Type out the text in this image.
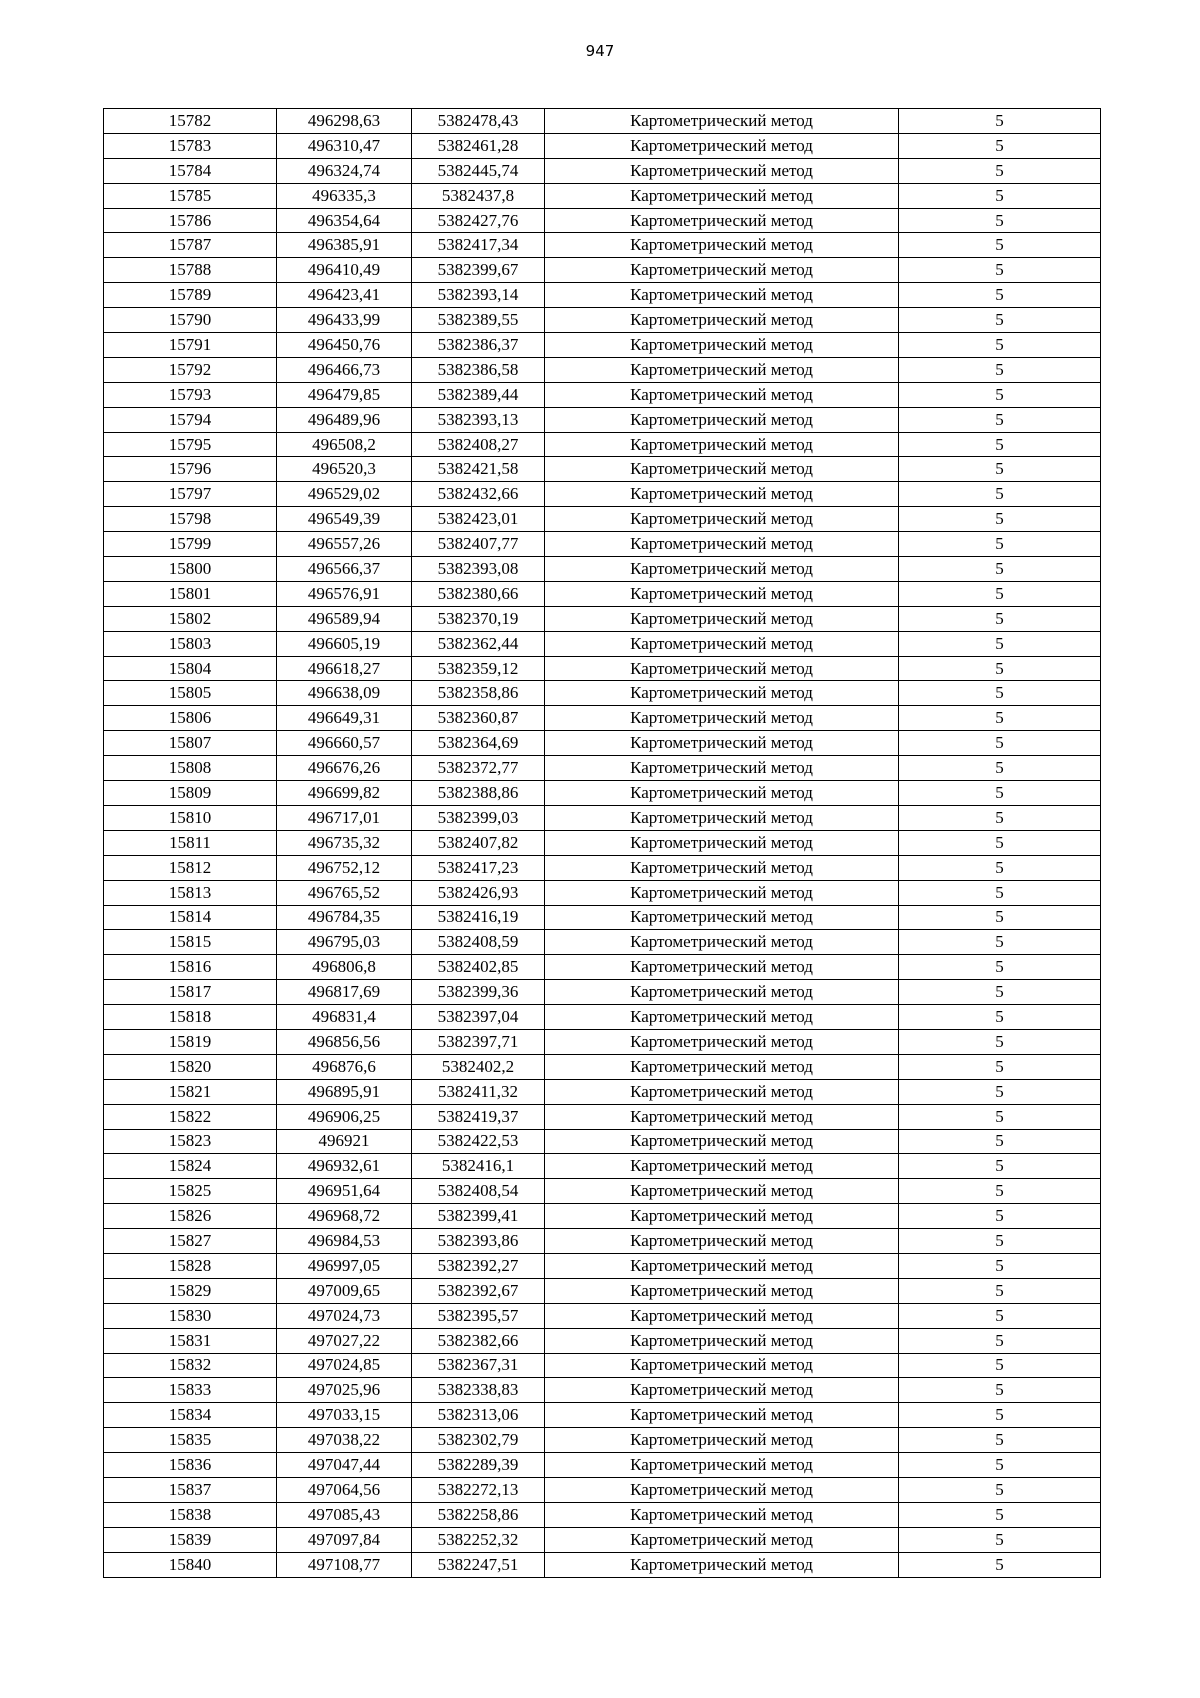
947
15782	496298,63	5382478,43	Картометрический метод	5
15783	496310,47	5382461,28	Картометрический метод	5
15784	496324,74	5382445,74	Картометрический метод	5
15785	496335,3	5382437,8	Картометрический метод	5
15786	496354,64	5382427,76	Картометрический метод	5
15787	496385,91	5382417,34	Картометрический метод	5
15788	496410,49	5382399,67	Картометрический метод	5
15789	496423,41	5382393,14	Картометрический метод	5
15790	496433,99	5382389,55	Картометрический метод	5
15791	496450,76	5382386,37	Картометрический метод	5
15792	496466,73	5382386,58	Картометрический метод	5
15793	496479,85	5382389,44	Картометрический метод	5
15794	496489,96	5382393,13	Картометрический метод	5
15795	496508,2	5382408,27	Картометрический метод	5
15796	496520,3	5382421,58	Картометрический метод	5
15797	496529,02	5382432,66	Картометрический метод	5
15798	496549,39	5382423,01	Картометрический метод	5
15799	496557,26	5382407,77	Картометрический метод	5
15800	496566,37	5382393,08	Картометрический метод	5
15801	496576,91	5382380,66	Картометрический метод	5
15802	496589,94	5382370,19	Картометрический метод	5
15803	496605,19	5382362,44	Картометрический метод	5
15804	496618,27	5382359,12	Картометрический метод	5
15805	496638,09	5382358,86	Картометрический метод	5
15806	496649,31	5382360,87	Картометрический метод	5
15807	496660,57	5382364,69	Картометрический метод	5
15808	496676,26	5382372,77	Картометрический метод	5
15809	496699,82	5382388,86	Картометрический метод	5
15810	496717,01	5382399,03	Картометрический метод	5
15811	496735,32	5382407,82	Картометрический метод	5
15812	496752,12	5382417,23	Картометрический метод	5
15813	496765,52	5382426,93	Картометрический метод	5
15814	496784,35	5382416,19	Картометрический метод	5
15815	496795,03	5382408,59	Картометрический метод	5
15816	496806,8	5382402,85	Картометрический метод	5
15817	496817,69	5382399,36	Картометрический метод	5
15818	496831,4	5382397,04	Картометрический метод	5
15819	496856,56	5382397,71	Картометрический метод	5
15820	496876,6	5382402,2	Картометрический метод	5
15821	496895,91	5382411,32	Картометрический метод	5
15822	496906,25	5382419,37	Картометрический метод	5
15823	496921	5382422,53	Картометрический метод	5
15824	496932,61	5382416,1	Картометрический метод	5
15825	496951,64	5382408,54	Картометрический метод	5
15826	496968,72	5382399,41	Картометрический метод	5
15827	496984,53	5382393,86	Картометрический метод	5
15828	496997,05	5382392,27	Картометрический метод	5
15829	497009,65	5382392,67	Картометрический метод	5
15830	497024,73	5382395,57	Картометрический метод	5
15831	497027,22	5382382,66	Картометрический метод	5
15832	497024,85	5382367,31	Картометрический метод	5
15833	497025,96	5382338,83	Картометрический метод	5
15834	497033,15	5382313,06	Картометрический метод	5
15835	497038,22	5382302,79	Картометрический метод	5
15836	497047,44	5382289,39	Картометрический метод	5
15837	497064,56	5382272,13	Картометрический метод	5
15838	497085,43	5382258,86	Картометрический метод	5
15839	497097,84	5382252,32	Картометрический метод	5
15840	497108,77	5382247,51	Картометрический метод	5
